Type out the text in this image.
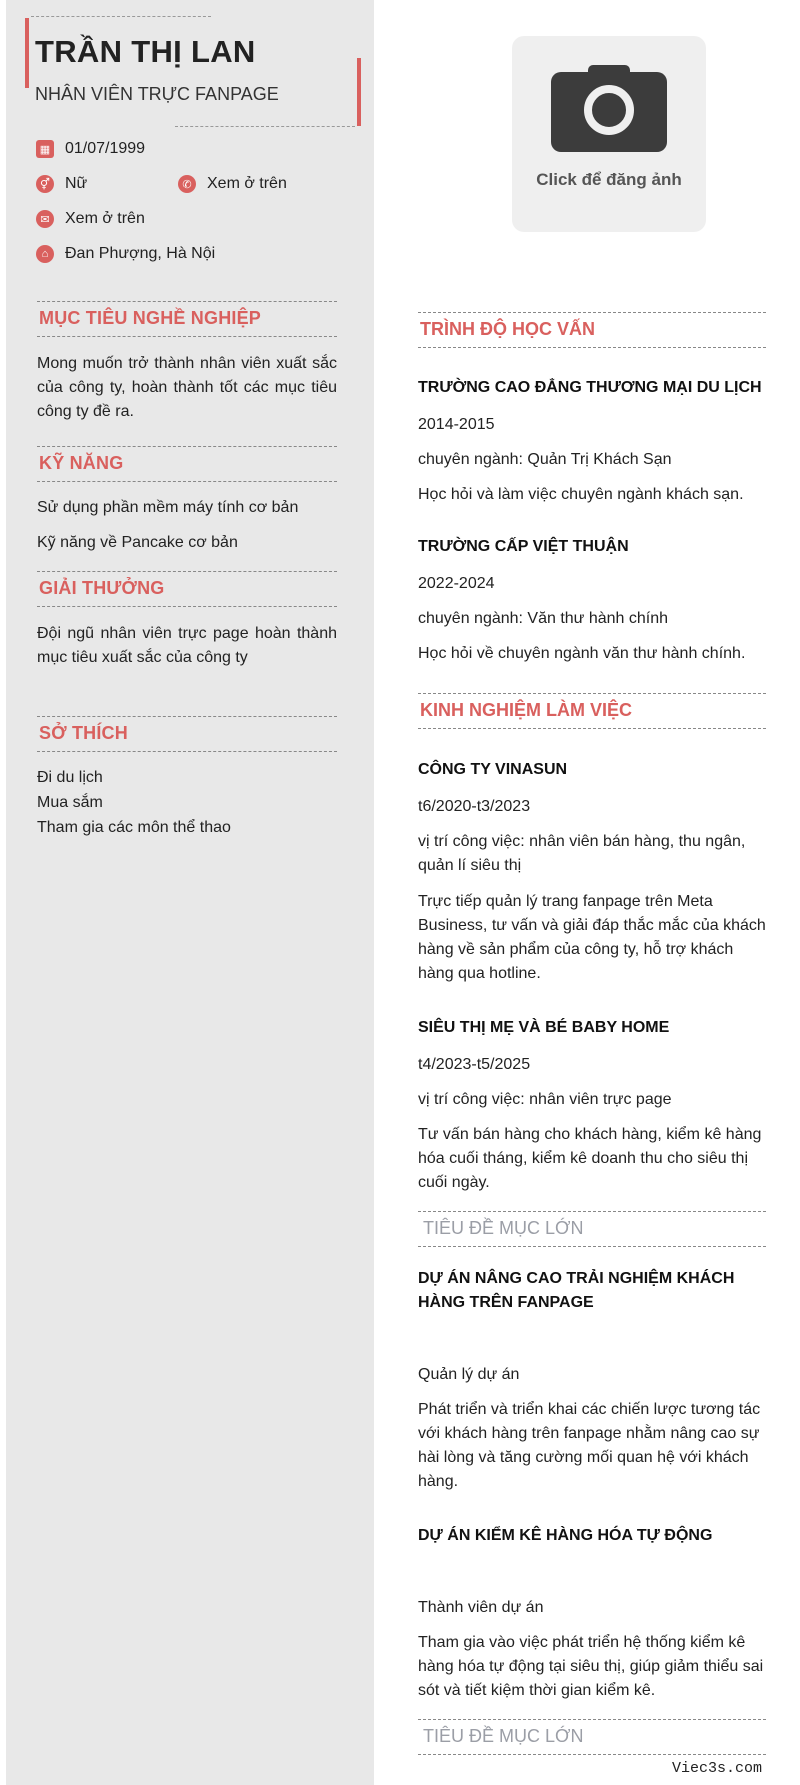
TRẦN THỊ LAN
NHÂN VIÊN TRỰC FANPAGE
▦ 01/07/1999
⚥ Nữ	✆ Xem ở trên
✉ Xem ở trên
⌂	Đan Phượng, Hà Nội
MỤC TIÊU NGHỀ NGHIỆP
Mong muốn trở thành nhân viên xuất sắc của công ty, hoàn thành tốt các mục tiêu công ty đề ra.
KỸ NĂNG
Sử dụng phần mềm máy tính cơ bản
Kỹ năng về Pancake cơ bản
GIẢI THƯỞNG
Đội ngũ nhân viên trực page hoàn thành mục tiêu xuất sắc của công ty
SỞ THÍCH
Đi du lịch
Mua sắm
Tham gia các môn thể thao
Click để đăng ảnh
TRÌNH ĐỘ HỌC VẤN
TRƯỜNG CAO ĐẲNG THƯƠNG MẠI DU LỊCH
2014-2015
chuyên ngành: Quản Trị Khách Sạn
Học hỏi và làm việc chuyên ngành khách sạn.
TRƯỜNG CẤP VIỆT THUẬN
2022-2024
chuyên ngành: Văn thư hành chính
Học hỏi về chuyên ngành văn thư hành chính.
KINH NGHIỆM LÀM VIỆC
CÔNG TY VINASUN
t6/2020-t3/2023
vị trí công việc: nhân viên bán hàng, thu ngân, quản lí siêu thị
Trực tiếp quản lý trang fanpage trên Meta Business, tư vấn và giải đáp thắc mắc của khách hàng về sản phẩm của công ty, hỗ trợ khách hàng qua hotline.
SIÊU THỊ MẸ VÀ BÉ BABY HOME
t4/2023-t5/2025
vị trí công việc: nhân viên trực page
Tư vấn bán hàng cho khách hàng, kiểm kê hàng hóa cuối tháng, kiểm kê doanh thu cho siêu thị cuối ngày.
TIÊU ĐỀ MỤC LỚN
DỰ ÁN NÂNG CAO TRẢI NGHIỆM KHÁCH HÀNG TRÊN FANPAGE
Quản lý dự án
Phát triển và triển khai các chiến lược tương tác với khách hàng trên fanpage nhằm nâng cao sự hài lòng và tăng cường mối quan hệ với khách hàng.
DỰ ÁN KIỂM KÊ HÀNG HÓA TỰ ĐỘNG
Thành viên dự án
Tham gia vào việc phát triển hệ thống kiểm kê hàng hóa tự động tại siêu thị, giúp giảm thiểu sai sót và tiết kiệm thời gian kiểm kê.
TIÊU ĐỀ MỤC LỚN
Viec3s.com
